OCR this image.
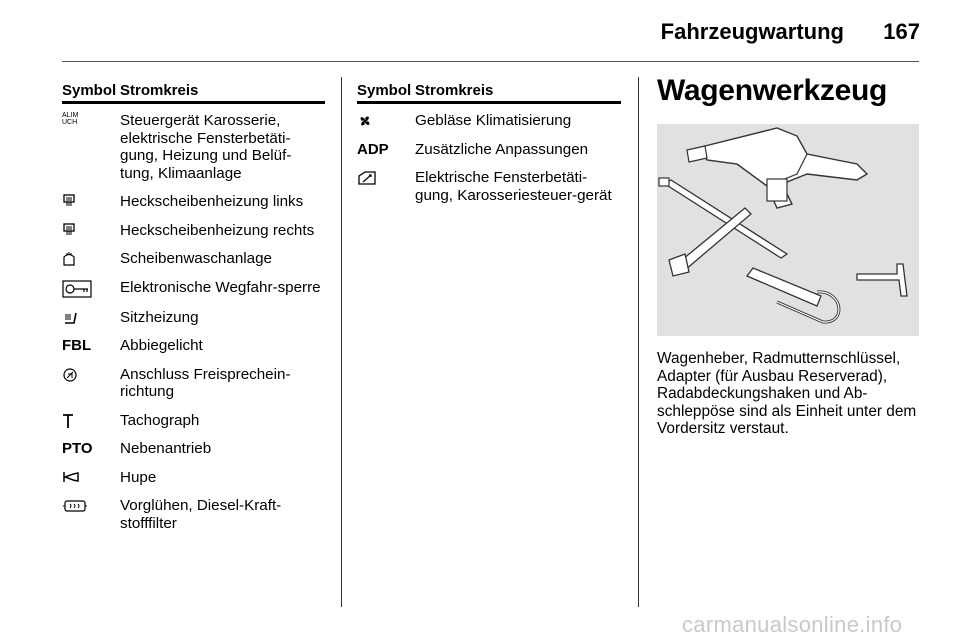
Fahrzeugwartung 167
Symbol Stromkreis
ALIM
UCH	Steuergerät Karosserie, elektrische Fensterbetäti-gung, Heizung und Belüf-tung, Klimaanlage
Heckscheibenheizung links
Heckscheibenheizung rechts
Scheibenwaschanlage
Elektronische Wegfahr-sperre
Sitzheizung
FBL	Abbiegelicht
Anschluss Freisprechein-richtung
Tachograph
PTO	Nebenantrieb
Hupe
Vorglühen, Diesel-Kraft-stofffilter
Symbol Stromkreis
Gebläse Klimatisierung
ADP	Zusätzliche Anpassungen
Elektrische Fensterbetäti-gung, Karosseriesteuer-gerät
Wagenwerkzeug
Wagenheber, Radmutternschlüssel, Adapter (für Ausbau Reserverad), Radabdeckungshaken und Ab-schleppöse sind als Einheit unter dem Vordersitz verstaut.
carmanualsonline.info
